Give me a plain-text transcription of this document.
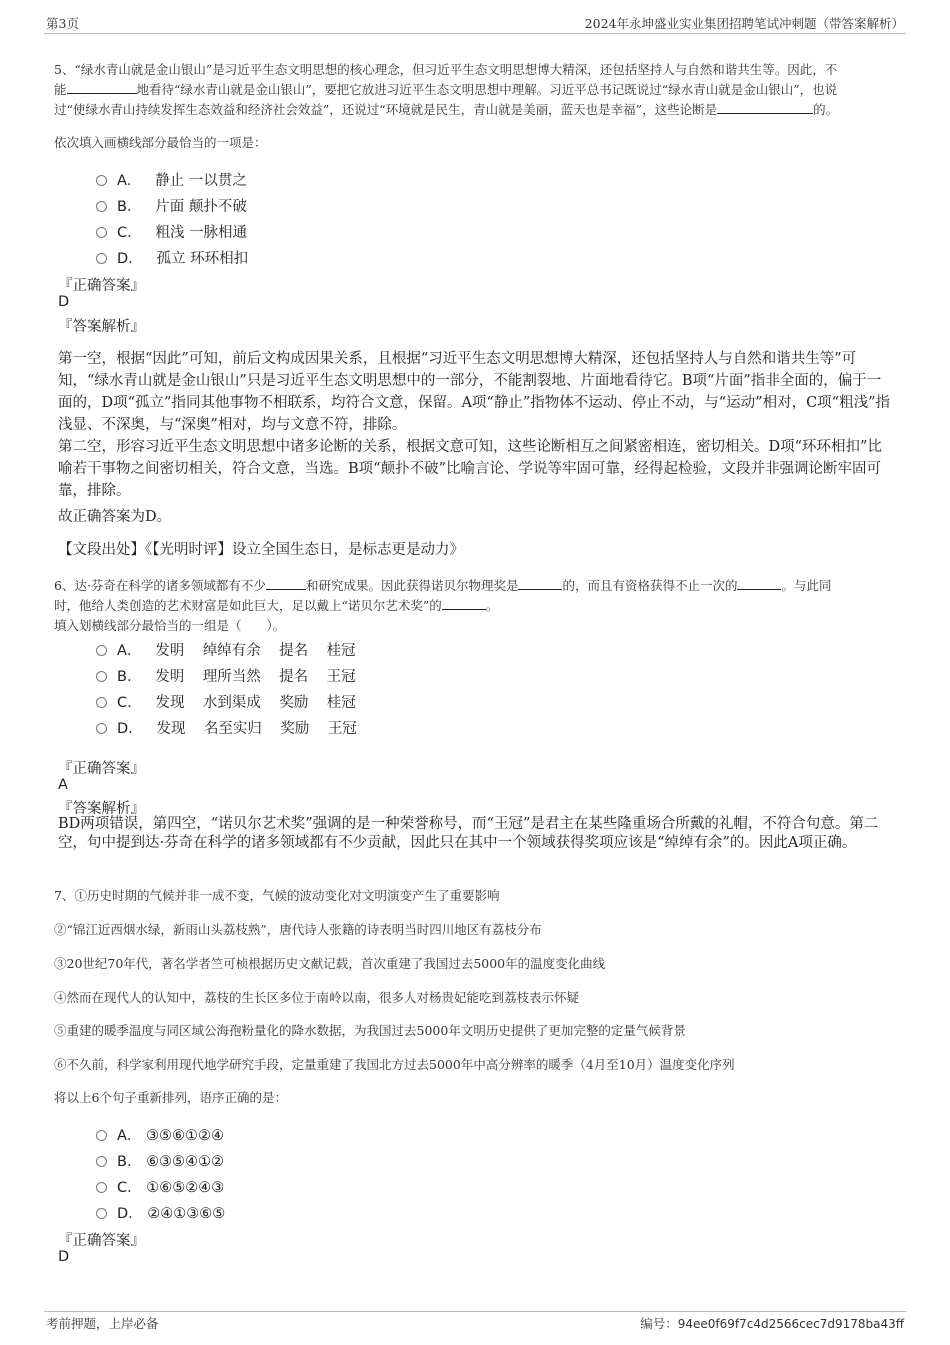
第3页	2024年永坤盛业实业集团招聘笔试冲刺题（带答案解析）
5、“绿水青山就是金山银山”是习近平生态文明思想的核心理念，但习近平生态文明思想博大精深，还包括坚持人与自然和谐共生等。因此，不
能	地看待“绿水青山就是金山银山”，要把它放进习近平生态文明思想中理解。习近平总书记既说过“绿水青山就是金山银山”，也说
过“使绿水青山持续发挥生态效益和经济社会效益”，还说过“环境就是民生，青山就是美丽，蓝天也是幸福”，这些论断是	的。
依次填入画横线部分最恰当的一项是：
A． 静止 一以贯之
B． 片面 颠扑不破
C． 粗浅 一脉相通
D． 孤立 环环相扣
『正确答案』
D
『答案解析』
第一空，根据“因此”可知，前后文构成因果关系，且根据“习近平生态文明思想博大精深，还包括坚持人与自然和谐共生等”可知，“绿水青山就是金山银山”只是习近平生态文明思想中的一部分，不能割裂地、片面地看待它。B项“片面”指非全面的，偏于一面的，D项“孤立”指同其他事物不相联系，均符合文意，保留。A项“静止”指物体不运动、停止不动，与“运动”相对，C项“粗浅”指浅显、不深奥，与“深奥”相对，均与文意不符，排除。
第二空，形容习近平生态文明思想中诸多论断的关系，根据文意可知，这些论断相互之间紧密相连，密切相关。D项“环环相扣”比喻若干事物之间密切相关，符合文意，当选。B项“颠扑不破”比喻言论、学说等牢固可靠，经得起检验，文段并非强调论断牢固可靠，排除。
故正确答案为D。
【文段出处】《【光明时评】设立全国生态日，是标志更是动力》
6、达·芬奇在科学的诸多领域都有不少	和研究成果。因此获得诺贝尔物理奖是	的，而且有资格获得不止一次的	。与此同
时，他给人类创造的艺术财富是如此巨大，足以戴上“诺贝尔艺术奖”的	。
填入划横线部分最恰当的一组是（　　）。
A． 发明 绰绰有余 提名 桂冠
B． 发明 理所当然 提名 王冠
C． 发现 水到渠成 奖励 桂冠
D． 发现 名至实归 奖励 王冠
『正确答案』
A
『答案解析』
BD两项错误，第四空，“诺贝尔艺术奖”强调的是一种荣誉称号，而“王冠”是君主在某些隆重场合所戴的礼帽，不符合句意。第二空，句中提到达·芬奇在科学的诸多领域都有不少贡献，因此只在其中一个领域获得奖项应该是“绰绰有余”的。因此A项正确。
7、①历史时期的气候并非一成不变，气候的波动变化对文明演变产生了重要影响
②“锦江近西烟水绿，新雨山头荔枝熟”，唐代诗人张籍的诗表明当时四川地区有荔枝分布
③20世纪70年代，著名学者竺可桢根据历史文献记载，首次重建了我国过去5000年的温度变化曲线
④然而在现代人的认知中，荔枝的生长区多位于南岭以南，很多人对杨贵妃能吃到荔枝表示怀疑
⑤重建的暖季温度与同区域公海孢粉量化的降水数据，为我国过去5000年文明历史提供了更加完整的定量气候背景
⑥不久前，科学家利用现代地学研究手段，定量重建了我国北方过去5000年中高分辨率的暖季（4月至10月）温度变化序列
将以上6个句子重新排列，语序正确的是：
A． ③⑤⑥①②④
B． ⑥③⑤④①②
C． ①⑥⑤②④③
D． ②④①③⑥⑤
『正确答案』
D
考前押题，上岸必备	编号：94ee0f69f7c4d2566cec7d9178ba43ff
